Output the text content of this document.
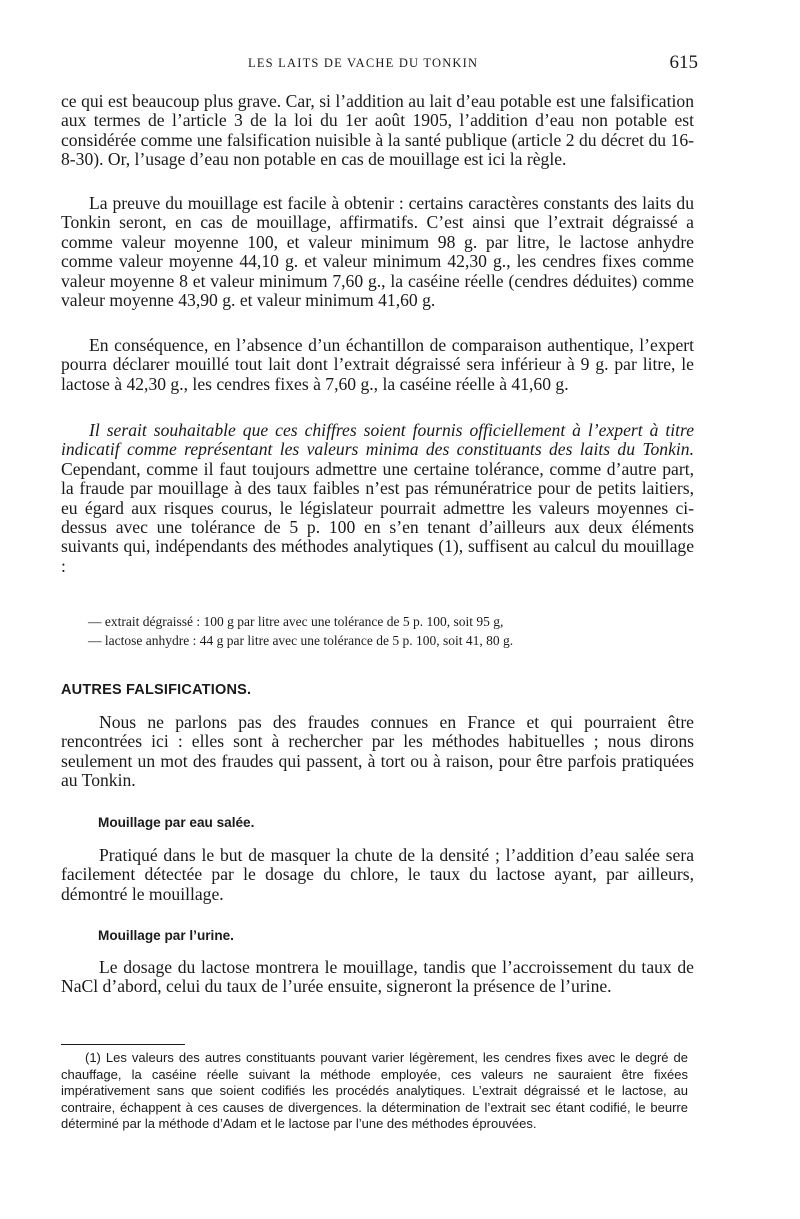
LES LAITS DE VACHE DU TONKIN	615
ce qui est beaucoup plus grave. Car, si l’addition au lait d’eau potable est une falsification aux termes de l’article 3 de la loi du 1er août 1905, l’addition d’eau non potable est considérée comme une falsification nuisible à la santé publique (article 2 du décret du 16-8-30). Or, l’usage d’eau non potable en cas de mouillage est ici la règle.
La preuve du mouillage est facile à obtenir : certains caractères constants des laits du Tonkin seront, en cas de mouillage, affirmatifs. C’est ainsi que l’extrait dégraissé a comme valeur moyenne 100, et valeur minimum 98 g. par litre, le lactose anhydre comme valeur moyenne 44,10 g. et valeur minimum 42,30 g., les cendres fixes comme valeur moyenne 8 et valeur minimum 7,60 g., la caséine réelle (cendres déduites) comme valeur moyenne 43,90 g. et valeur minimum 41,60 g.
En conséquence, en l’absence d’un échantillon de comparaison authentique, l’expert pourra déclarer mouillé tout lait dont l’extrait dégraissé sera inférieur à 9 g. par litre, le lactose à 42,30 g., les cendres fixes à 7,60 g., la caséine réelle à 41,60 g.
Il serait souhaitable que ces chiffres soient fournis officiellement à l’expert à titre indicatif comme représentant les valeurs minima des constituants des laits du Tonkin. Cependant, comme il faut toujours admettre une certaine tolérance, comme d’autre part, la fraude par mouillage à des taux faibles n’est pas rémunératrice pour de petits laitiers, eu égard aux risques courus, le législateur pourrait admettre les valeurs moyennes ci-dessus avec une tolérance de 5 p. 100 en s’en tenant d’ailleurs aux deux éléments suivants qui, indépendants des méthodes analytiques (1), suffisent au calcul du mouillage :
— extrait dégraissé : 100 g par litre avec une tolérance de 5 p. 100, soit 95 g,
— lactose anhydre : 44 g par litre avec une tolérance de 5 p. 100, soit 41, 80 g.
AUTRES FALSIFICATIONS.
Nous ne parlons pas des fraudes connues en France et qui pourraient être rencontrées ici : elles sont à rechercher par les méthodes habituelles ; nous dirons seulement un mot des fraudes qui passent, à tort ou à raison, pour être parfois pratiquées au Tonkin.
Mouillage par eau salée.
Pratiqué dans le but de masquer la chute de la densité ; l’addition d’eau salée sera facilement détectée par le dosage du chlore, le taux du lactose ayant, par ailleurs, démontré le mouillage.
Mouillage par l’urine.
Le dosage du lactose montrera le mouillage, tandis que l’accroissement du taux de NaCl d’abord, celui du taux de l’urée ensuite, signeront la présence de l’urine.
(1) Les valeurs des autres constituants pouvant varier légèrement, les cendres fixes avec le degré de chauffage, la caséine réelle suivant la méthode employée, ces valeurs ne sauraient être fixées impérativement sans que soient codifiés les procédés analytiques. L’extrait dégraissé et le lactose, au contraire, échappent à ces causes de divergences. la détermination de l’extrait sec étant codifié, le beurre déterminé par la méthode d’Adam et le lactose par l’une des méthodes éprouvées.
